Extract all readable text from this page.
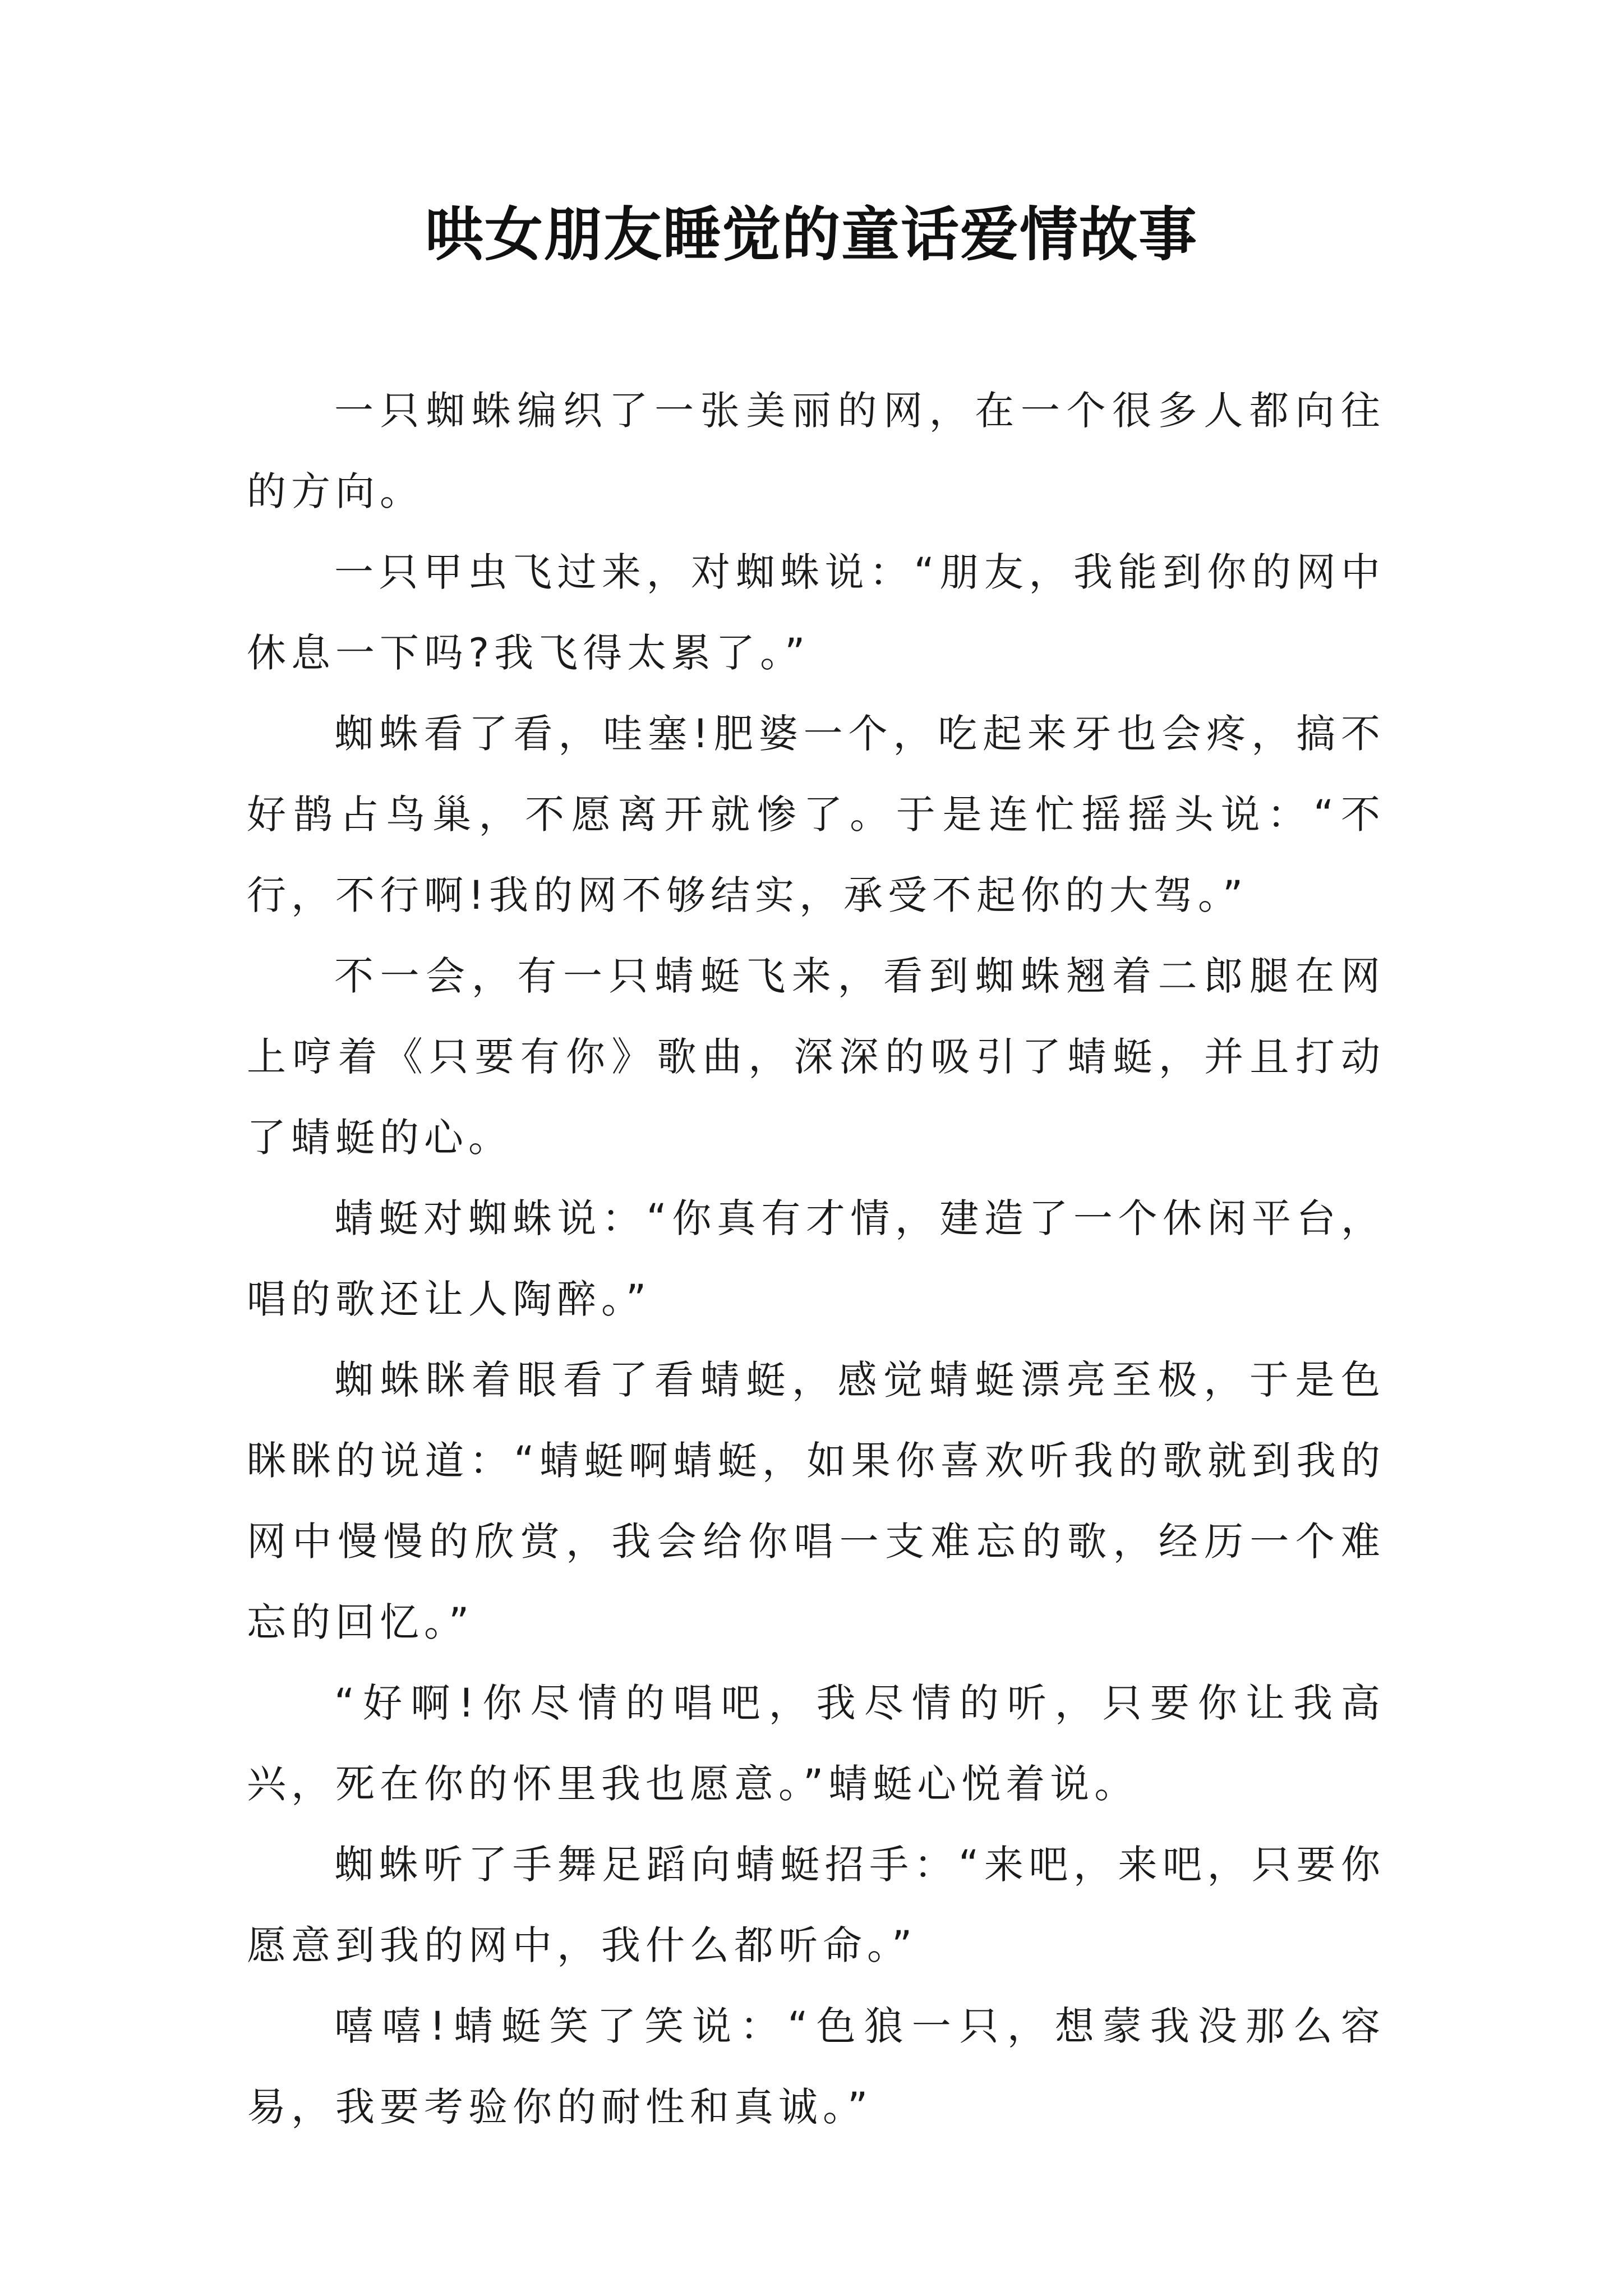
哄女朋友睡觉的童话爱情故事

一只蜘蛛编织了一张美丽的网，在一个很多人都向往的方向。

一只甲虫飞过来，对蜘蛛说：“朋友，我能到你的网中休息一下吗?我飞得太累了。”

蜘蛛看了看，哇塞!肥婆一个，吃起来牙也会疼，搞不好鹊占鸟巢，不愿离开就惨了。于是连忙摇摇头说：“不行，不行啊!我的网不够结实，承受不起你的大驾。”

不一会，有一只蜻蜓飞来，看到蜘蛛翘着二郎腿在网上哼着《只要有你》歌曲，深深的吸引了蜻蜓，并且打动了蜻蜓的心。

蜻蜓对蜘蛛说：“你真有才情，建造了一个休闲平台，唱的歌还让人陶醉。”

蜘蛛眯着眼看了看蜻蜓，感觉蜻蜓漂亮至极，于是色眯眯的说道：“蜻蜓啊蜻蜓，如果你喜欢听我的歌就到我的网中慢慢的欣赏，我会给你唱一支难忘的歌，经历一个难忘的回忆。”

“好啊!你尽情的唱吧，我尽情的听，只要你让我高兴，死在你的怀里我也愿意。”蜻蜓心悦着说。

蜘蛛听了手舞足蹈向蜻蜓招手：“来吧，来吧，只要你愿意到我的网中，我什么都听命。”

嘻嘻!蜻蜓笑了笑说：“色狼一只，想蒙我没那么容易，我要考验你的耐性和真诚。”
